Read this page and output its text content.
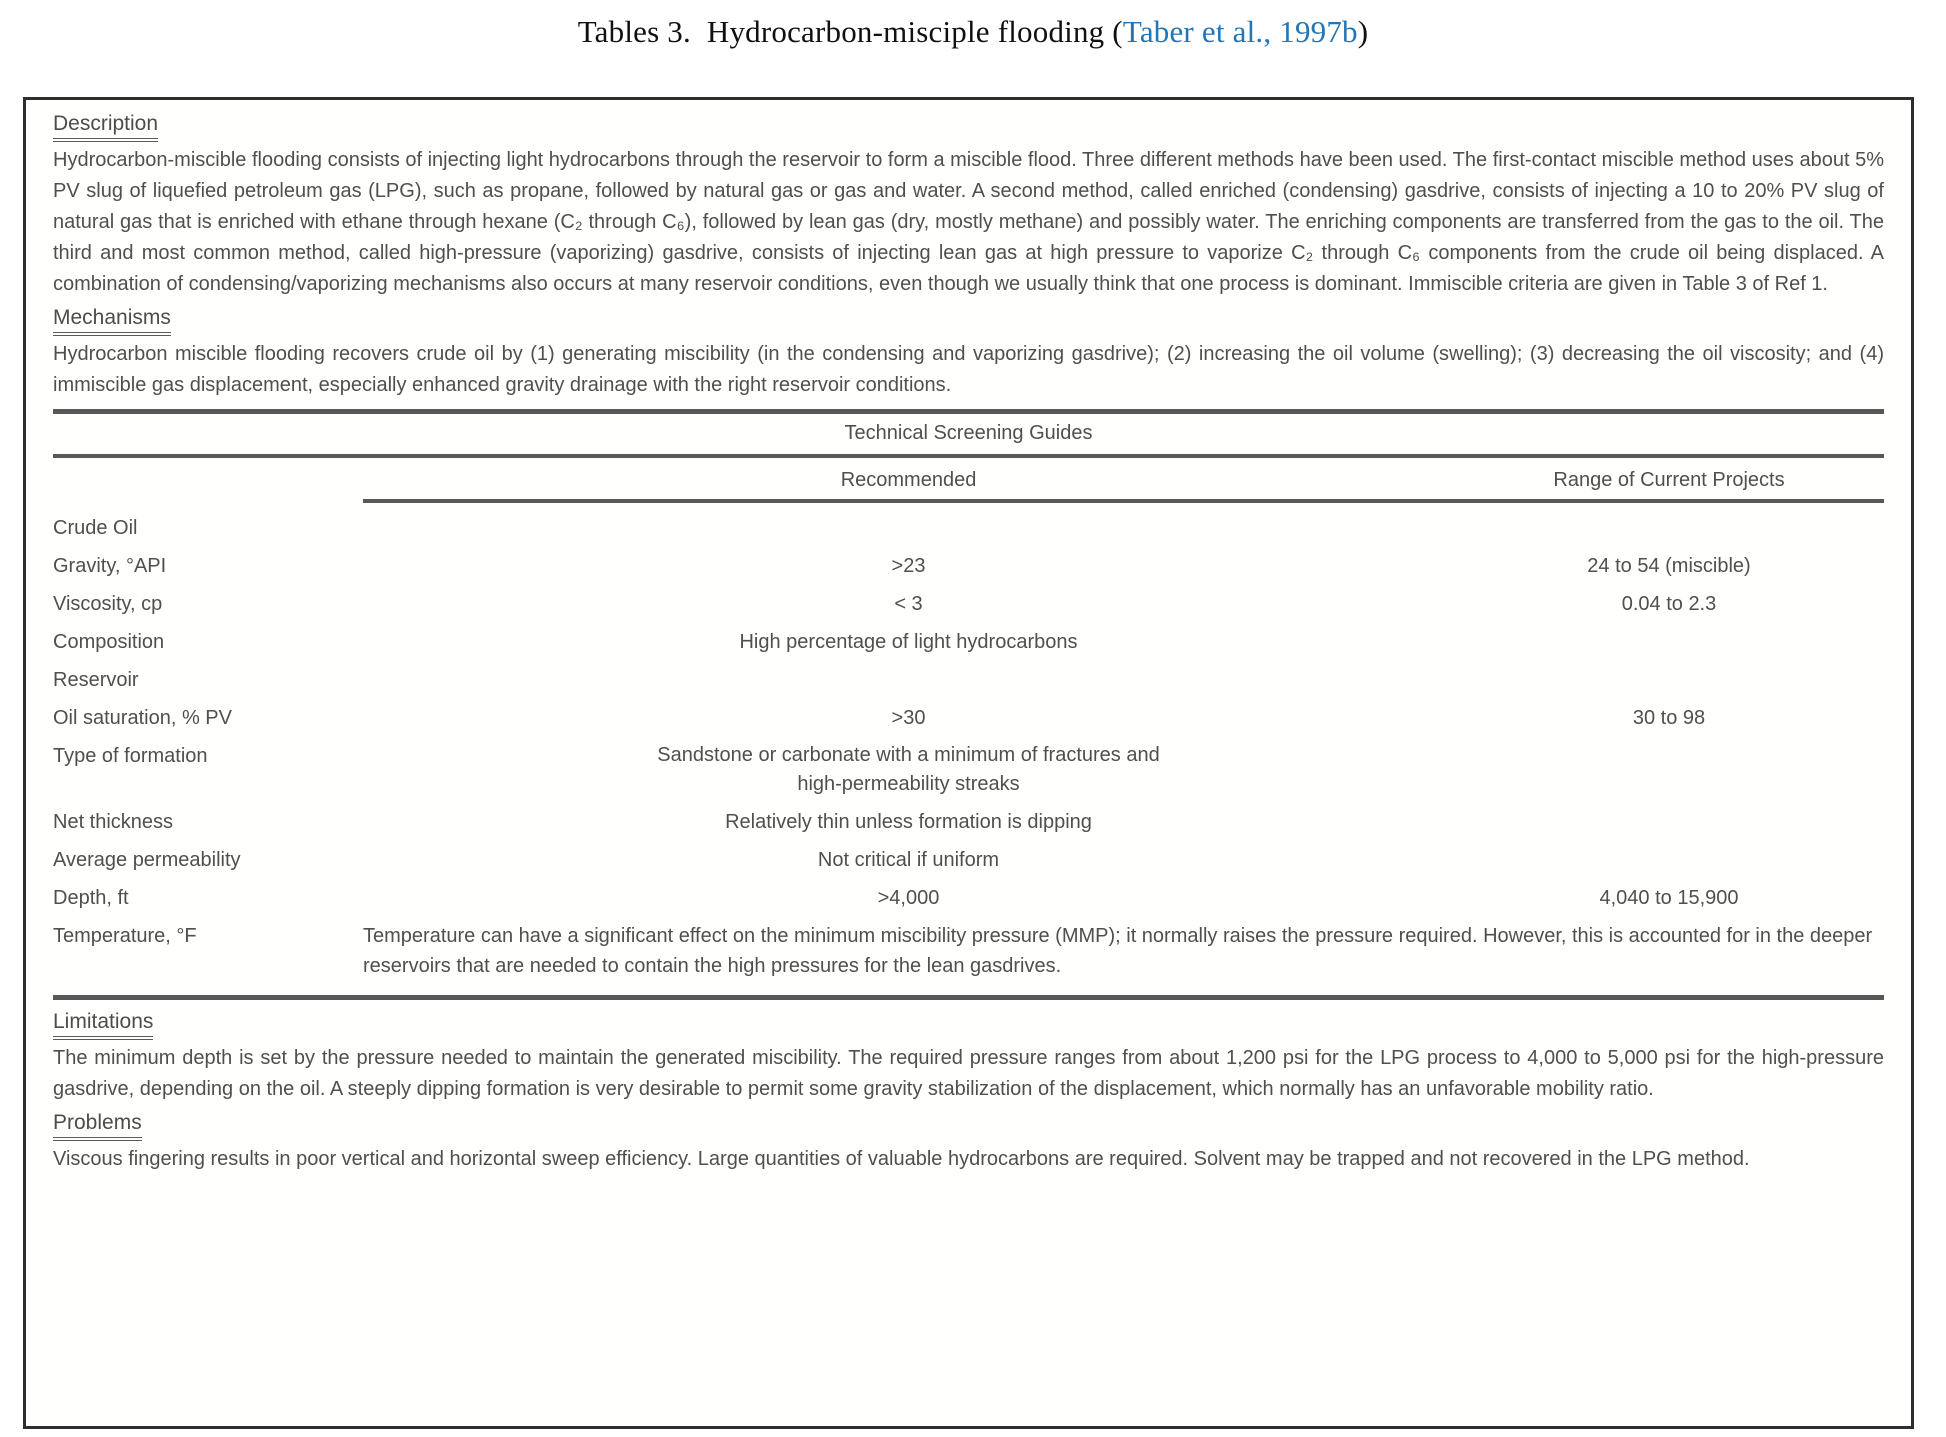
Tables 3.  Hydrocarbon-misciple flooding (Taber et al., 1997b)
Description

Hydrocarbon-miscible flooding consists of injecting light hydrocarbons through the reservoir to form a miscible flood. Three different methods have been used. The first-contact miscible method uses about 5% PV slug of liquefied petroleum gas (LPG), such as propane, followed by natural gas or gas and water. A second method, called enriched (condensing) gasdrive, consists of injecting a 10 to 20% PV slug of natural gas that is enriched with ethane through hexane (C₂ through C₆), followed by lean gas (dry, mostly methane) and possibly water. The enriching components are transferred from the gas to the oil. The third and most common method, called high-pressure (vaporizing) gasdrive, consists of injecting lean gas at high pressure to vaporize C₂ through C₆ components from the crude oil being displaced. A combination of condensing/vaporizing mechanisms also occurs at many reservoir conditions, even though we usually think that one process is dominant. Immiscible criteria are given in Table 3 of Ref 1.

Mechanisms

Hydrocarbon miscible flooding recovers crude oil by (1) generating miscibility (in the condensing and vaporizing gasdrive); (2) increasing the oil volume (swelling); (3) decreasing the oil viscosity; and (4) immiscible gas displacement, especially enhanced gravity drainage with the right reservoir conditions.

Technical Screening Guides
Recommended	Range of Current Projects
Crude Oil		
Gravity, °API	>23	24 to 54 (miscible)
Viscosity, cp	< 3	0.04 to 2.3
Composition	High percentage of light hydrocarbons	
Reservoir		
Oil saturation, % PV	>30	30 to 98
Type of formation	Sandstone or carbonate with a minimum of fractures and
high-permeability streaks	

Net thickness	Relatively thin unless formation is dipping	
Average permeability	Not critical if uniform	
Depth, ft	>4,000	4,040 to 15,900
Temperature, °F	Temperature can have a significant effect on the minimum miscibility pressure (MMP); it normally raises the pressure required. However, this is accounted for in the deeper reservoirs that are needed to contain the high pressures for the lean gasdrives.	
Limitations

The minimum depth is set by the pressure needed to maintain the generated miscibility. The required pressure ranges from about 1,200 psi for the LPG process to 4,000 to 5,000 psi for the high-pressure gasdrive, depending on the oil. A steeply dipping formation is very desirable to permit some gravity stabilization of the displacement, which normally has an unfavorable mobility ratio.

Problems

Viscous fingering results in poor vertical and horizontal sweep efficiency. Large quantities of valuable hydrocarbons are required. Solvent may be trapped and not recovered in the LPG method.
